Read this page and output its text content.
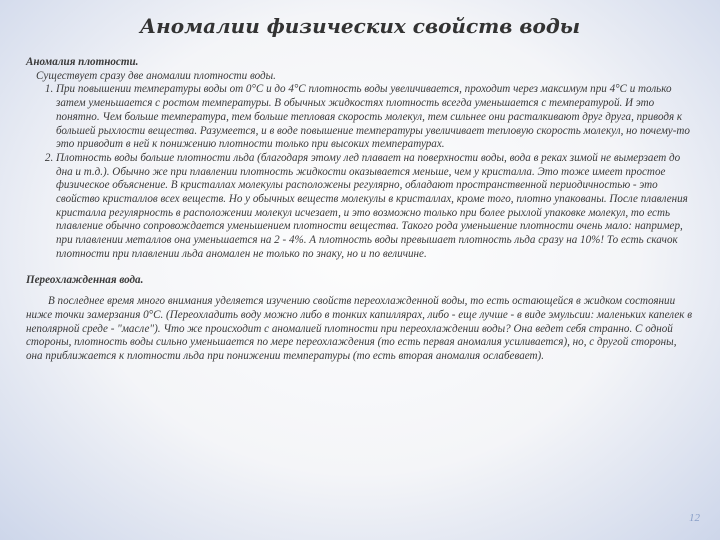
Аномалии физических свойств воды
Аномалия плотности.
Существует сразу две аномалии плотности воды.
1. При повышении температуры воды от 0°С и до 4°С плотность воды увеличивается, проходит через максимум при 4°С и только затем уменьшается с ростом температуры. В обычных жидкостях плотность всегда уменьшается с температурой. И это понятно. Чем больше температура, тем больше тепловая скорость молекул, тем сильнее они расталкивают друг друга, приводя к большей рыхлости вещества. Разумеется, и в воде повышение температуры увеличивает тепловую скорость молекул, но почему-то это приводит в ней к понижению плотности только при высоких температурах.
2. Плотность воды больше плотности льда (благодаря этому лед плавает на поверхности воды, вода в реках зимой не вымерзает до дна и т.д.). Обычно же при плавлении плотность жидкости оказывается меньше, чем у кристалла. Это тоже имеет простое физическое объяснение. В кристаллах молекулы расположены регулярно, обладают пространственной периодичностью - это свойство кристаллов всех веществ. Но у обычных веществ молекулы в кристаллах, кроме того, плотно упакованы. После плавления кристалла регулярность в расположении молекул исчезает, и это возможно только при более рыхлой упаковке молекул, то есть плавление обычно сопровождается уменьшением плотности вещества. Такого рода уменьшение плотности очень мало: например, при плавлении металлов она уменьшается на 2 - 4%. А плотность воды превышает плотность льда сразу на 10%! То есть скачок плотности при плавлении льда аномален не только по знаку, но и по величине.
Переохлажденная вода.

В последнее время много внимания уделяется изучению свойств переохлажденной воды, то есть остающейся в жидком состоянии ниже точки замерзания 0°С. (Переохладить воду можно либо в тонких капиллярах, либо - еще лучше - в виде эмульсии: маленьких капелек в неполярной среде - "масле"). Что же происходит с аномалией плотности при переохлаждении воды? Она ведет себя странно. С одной стороны, плотность воды сильно уменьшается по мере переохлаждения (то есть первая аномалия усиливается), но, с другой стороны, она приближается к плотности льда при понижении температуры (то есть вторая аномалия ослабевает).

12
